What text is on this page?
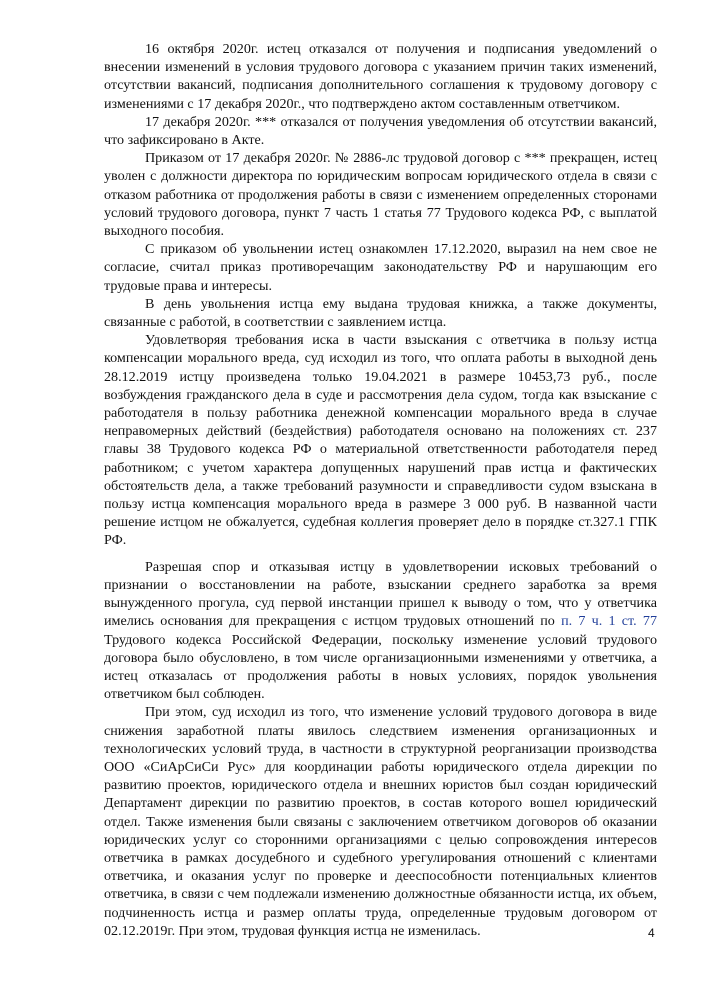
16 октября 2020г. истец отказался от получения и подписания уведомлений о внесении изменений в условия трудового договора с указанием причин таких изменений, отсутствии вакансий, подписания дополнительного соглашения к трудовому договору с изменениями с 17 декабря 2020г., что подтверждено актом составленным ответчиком.

17 декабря 2020г. *** отказался от получения уведомления об отсутствии вакансий, что зафиксировано в Акте.

Приказом от 17 декабря 2020г. № 2886-лс трудовой договор с *** прекращен, истец уволен с должности директора по юридическим вопросам юридического отдела в связи с отказом работника от продолжения работы в связи с изменением определенных сторонами условий трудового договора, пункт 7 часть 1 статья 77 Трудового кодекса РФ, с выплатой выходного пособия.

С приказом об увольнении истец ознакомлен 17.12.2020, выразил на нем свое не согласие, считал приказ противоречащим законодательству РФ и нарушающим его трудовые права и интересы.

В день увольнения истца ему выдана трудовая книжка, а также документы, связанные с работой, в соответствии с заявлением истца.

Удовлетворяя требования иска в части взыскания с ответчика в пользу истца компенсации морального вреда, суд исходил из того, что оплата работы в выходной день 28.12.2019 истцу произведена только 19.04.2021 в размере 10453,73 руб., после возбуждения гражданского дела в суде и рассмотрения дела судом, тогда как взыскание с работодателя в пользу работника денежной компенсации морального вреда в случае неправомерных действий (бездействия) работодателя основано на положениях ст. 237 главы 38 Трудового кодекса РФ о материальной ответственности работодателя перед работником; с учетом характера допущенных нарушений прав истца и фактических обстоятельств дела, а также требований разумности и справедливости судом взыскана в пользу истца компенсация морального вреда в размере 3 000 руб. В названной части решение истцом не обжалуется, судебная коллегия проверяет дело в порядке ст.327.1 ГПК РФ.

Разрешая спор и отказывая истцу в удовлетворении исковых требований о признании о восстановлении на работе, взыскании среднего заработка за время вынужденного прогула, суд первой инстанции пришел к выводу о том, что у ответчика имелись основания для прекращения с истцом трудовых отношений по п. 7 ч. 1 ст. 77 Трудового кодекса Российской Федерации, поскольку изменение условий трудового договора было обусловлено, в том числе организационными изменениями у ответчика, а истец отказалась от продолжения работы в новых условиях, порядок увольнения ответчиком был соблюден.

При этом, суд исходил из того, что изменение условий трудового договора в виде снижения заработной платы явилось следствием изменения организационных и технологических условий труда, в частности в структурной реорганизации производства ООО «СиАрСиСи Рус» для координации работы юридического отдела дирекции по развитию проектов, юридического отдела и внешних юристов был создан юридический Департамент дирекции по развитию проектов, в состав которого вошел юридический отдел. Также изменения были связаны с заключением ответчиком договоров об оказании юридических услуг со сторонними организациями с целью сопровождения интересов ответчика в рамках досудебного и судебного урегулирования отношений с клиентами ответчика, и оказания услуг по проверке и дееспособности потенциальных клиентов ответчика, в связи с чем подлежали изменению должностные обязанности истца, их объем, подчиненность истца и размер оплаты труда, определенные трудовым договором от 02.12.2019г. При этом, трудовая функция истца не изменилась.	4
